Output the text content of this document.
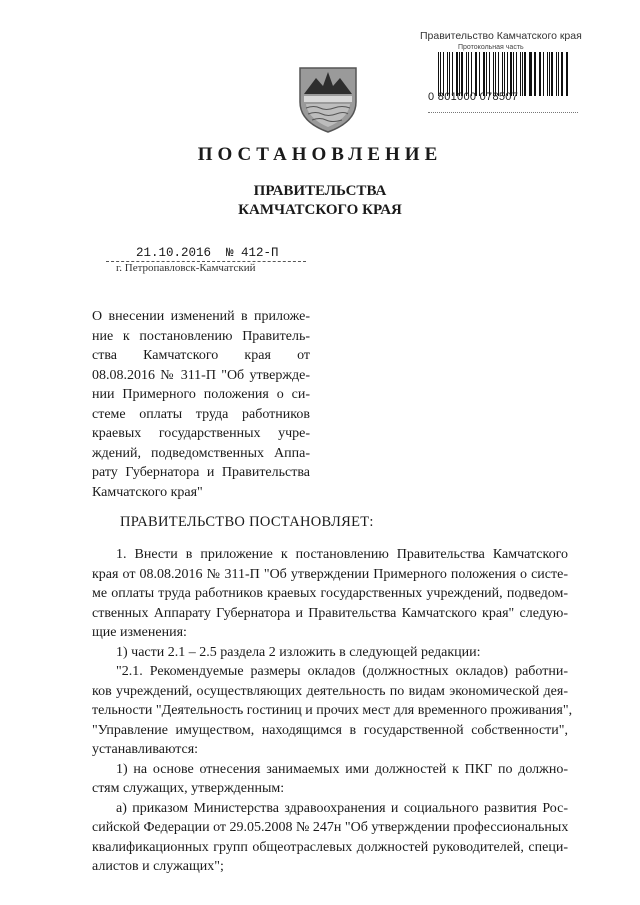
Правительство Камчатского края
Протокольная часть
0 801000 078507
ПОСТАНОВЛЕНИЕ
ПРАВИТЕЛЬСТВА
КАМЧАТСКОГО КРАЯ
21.10.2016 № 412-П
г. Петропавловск-Камчатский
О внесении изменений в приложе-
ние к постановлению Правитель-
ства Камчатского края от
08.08.2016 № 311-П "Об утвержде-
нии Примерного положения о си-
стеме оплаты труда работников
краевых государственных учре-
ждений, подведомственных Аппа-
рату Губернатора и Правительства
Камчатского края"
ПРАВИТЕЛЬСТВО ПОСТАНОВЛЯЕТ:
1. Внести в приложение к постановлению Правительства Камчатского
края от 08.08.2016 № 311-П "Об утверждении Примерного положения о систе-
ме оплаты труда работников краевых государственных учреждений, подведом-
ственных Аппарату Губернатора и Правительства Камчатского края" следую-
щие изменения:
1) части 2.1 – 2.5 раздела 2 изложить в следующей редакции:
"2.1. Рекомендуемые размеры окладов (должностных окладов) работни-
ков учреждений, осуществляющих деятельность по видам экономической дея-
тельности "Деятельность гостиниц и прочих мест для временного проживания",
"Управление имуществом, находящимся в государственной собственности",
устанавливаются:
1) на основе отнесения занимаемых ими должностей к ПКГ по должно-
стям служащих, утвержденным:
а) приказом Министерства здравоохранения и социального развития Рос-
сийской Федерации от 29.05.2008 № 247н "Об утверждении профессиональных
квалификационных групп общеотраслевых должностей руководителей, специ-
алистов и служащих";
